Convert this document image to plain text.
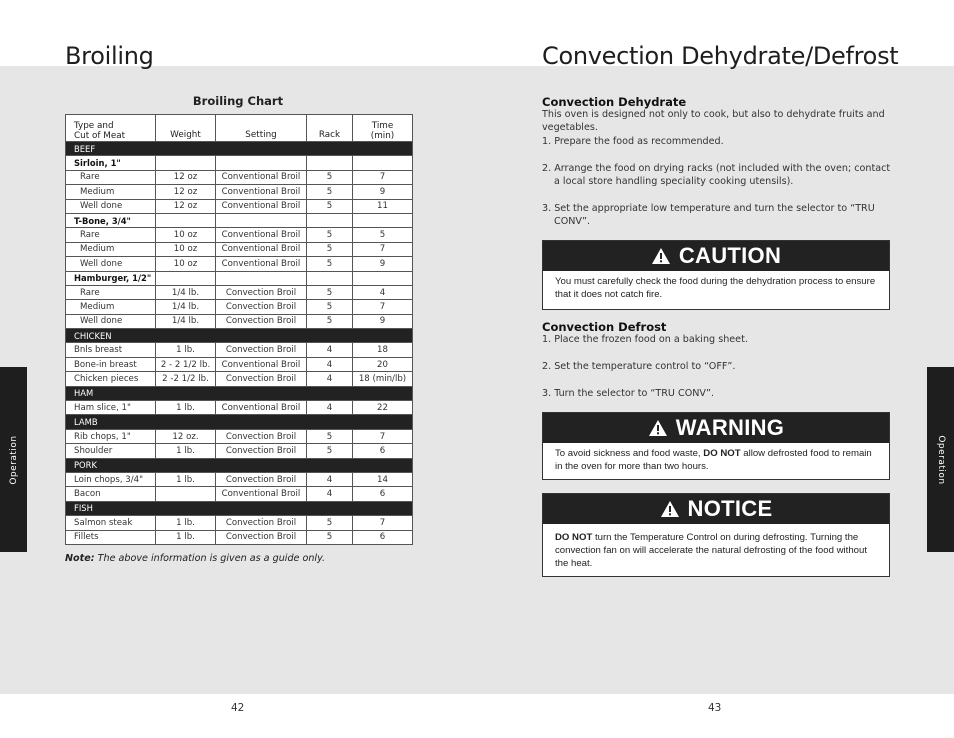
Broiling
Operation
Broiling Chart
Type and
Cut of Meat	Weight	Setting	Rack	Time
(min)
BEEF				
Sirloin, 1"				
Rare	12 oz	Conventional Broil	5	7
Medium	12 oz	Conventional Broil	5	9
Well done	12 oz	Conventional Broil	5	11
T-Bone, 3/4"				
Rare	10 oz	Conventional Broil	5	5
Medium	10 oz	Conventional Broil	5	7
Well done	10 oz	Conventional Broil	5	9
Hamburger, 1/2"				
Rare	1/4 lb.	Convection Broil	5	4
Medium	1/4 lb.	Convection Broil	5	7
Well done	1/4 lb.	Convection Broil	5	9
CHICKEN				
Bnls breast	1 lb.	Convection Broil	4	18
Bone-in breast	2 - 2 1/2 lb.	Conventional Broil	4	20
Chicken pieces	2 -2 1/2 lb.	Convection Broil	4	18 (min/lb)
HAM				
Ham slice, 1"	1 lb.	Conventional Broil	4	22
LAMB				
Rib chops, 1"	12 oz.	Convection Broil	5	7
Shoulder	1 lb.	Convection Broil	5	6
PORK				
Loin chops, 3/4"	1 lb.	Convection Broil	4	14
Bacon		Conventional Broil	4	6
FISH				
Salmon steak	1 lb.	Convection Broil	5	7
Fillets	1 lb.	Convection Broil	5	6
Note: The above information is given as a guide only.
42
Convection Dehydrate/Defrost
Operation
Convection Dehydrate

This oven is designed not only to cook, but also to dehydrate fruits and vegetables.

1. Prepare the food as recommended.

2. Arrange the food on drying racks (not included with the oven; contact a local store handling speciality cooking utensils).

3. Set the appropriate low temperature and turn the selector to “TRU CONV”.

CAUTION
You must carefully check the food during the dehydration process to ensure that it does not catch fire.
Convection Defrost

1. Place the frozen food on a baking sheet.

2. Set the temperature control to “OFF”.

3. Turn the selector to “TRU CONV”.

WARNING
To avoid sickness and food waste, DO NOT allow defrosted food to remain in the oven for more than two hours.
NOTICE
DO NOT turn the Temperature Control on during defrosting. Turning the convection fan on will accelerate the natural defrosting of the food without the heat.
43
